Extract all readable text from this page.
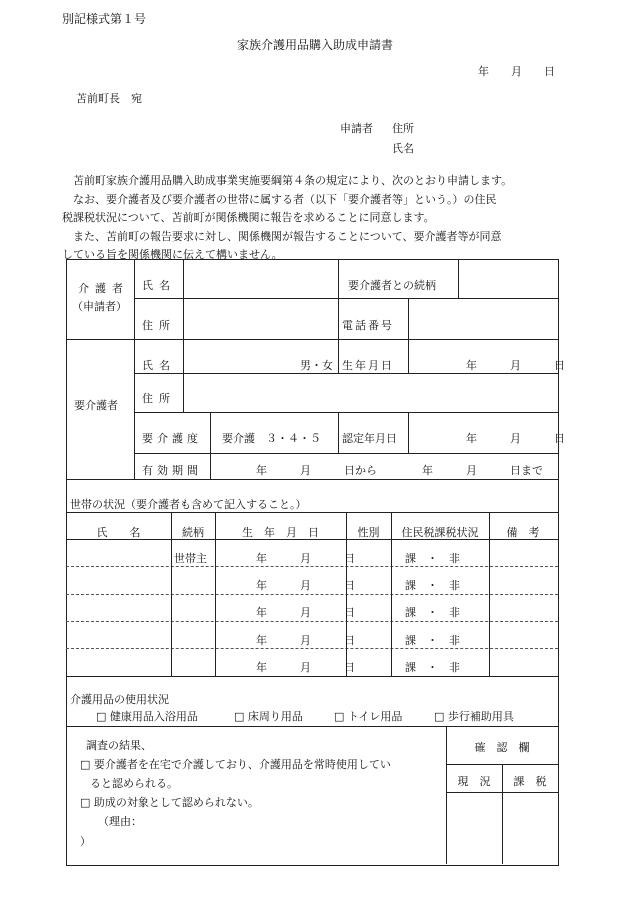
別記様式第１号
家族介護用品購入助成申請書
年　　月　　日
苫前町長　宛
申請者 住所
氏名
　苫前町家族介護用品購入助成事業実施要綱第４条の規定により、次のとおり申請します。
　なお、要介護者及び要介護者の世帯に属する者（以下「要介護者等」という。）の住民
税課税状況について、苫前町が関係機関に報告を求めることに同意します。
　また、苫前町の報告要求に対し、関係機関が報告することについて、要介護者等が同意
している旨を関係機関に伝えて構いません。
介護者
（申請者）
氏名	要介護者との続柄
住所	電話番号
要介護者
氏名	男・女 生年月日	年　　　月　　　日
住所
要介護度 要介護　３・４・５ 認定年月日	年　　　月　　　日
有効期間	年　　　月　　　日から	年　　　月　　　日まで
世帯の状況（要介護者も含めて記入すること。）
氏　　名	続柄	生　年　月　日	性別	住民税課税状況	備　考
世帯主	年　　　月　　　日	課　・　非
年　　　月　　　日	課　・　非
年　　　月　　　日	課　・　非
年　　　月　　　日	課　・　非
年　　　月　　　日	課　・　非
介護用品の使用状況
□ 健康用品入浴用品	□ 床周り用品	□ トイレ用品	□ 歩行補助用具
調査の結果、
□ 要介護者を在宅で介護しており、介護用品を常時使用してい
ると認められる。
□ 助成の対象として認められない。
（理由：
）
確　認　欄
現　況	課　税
